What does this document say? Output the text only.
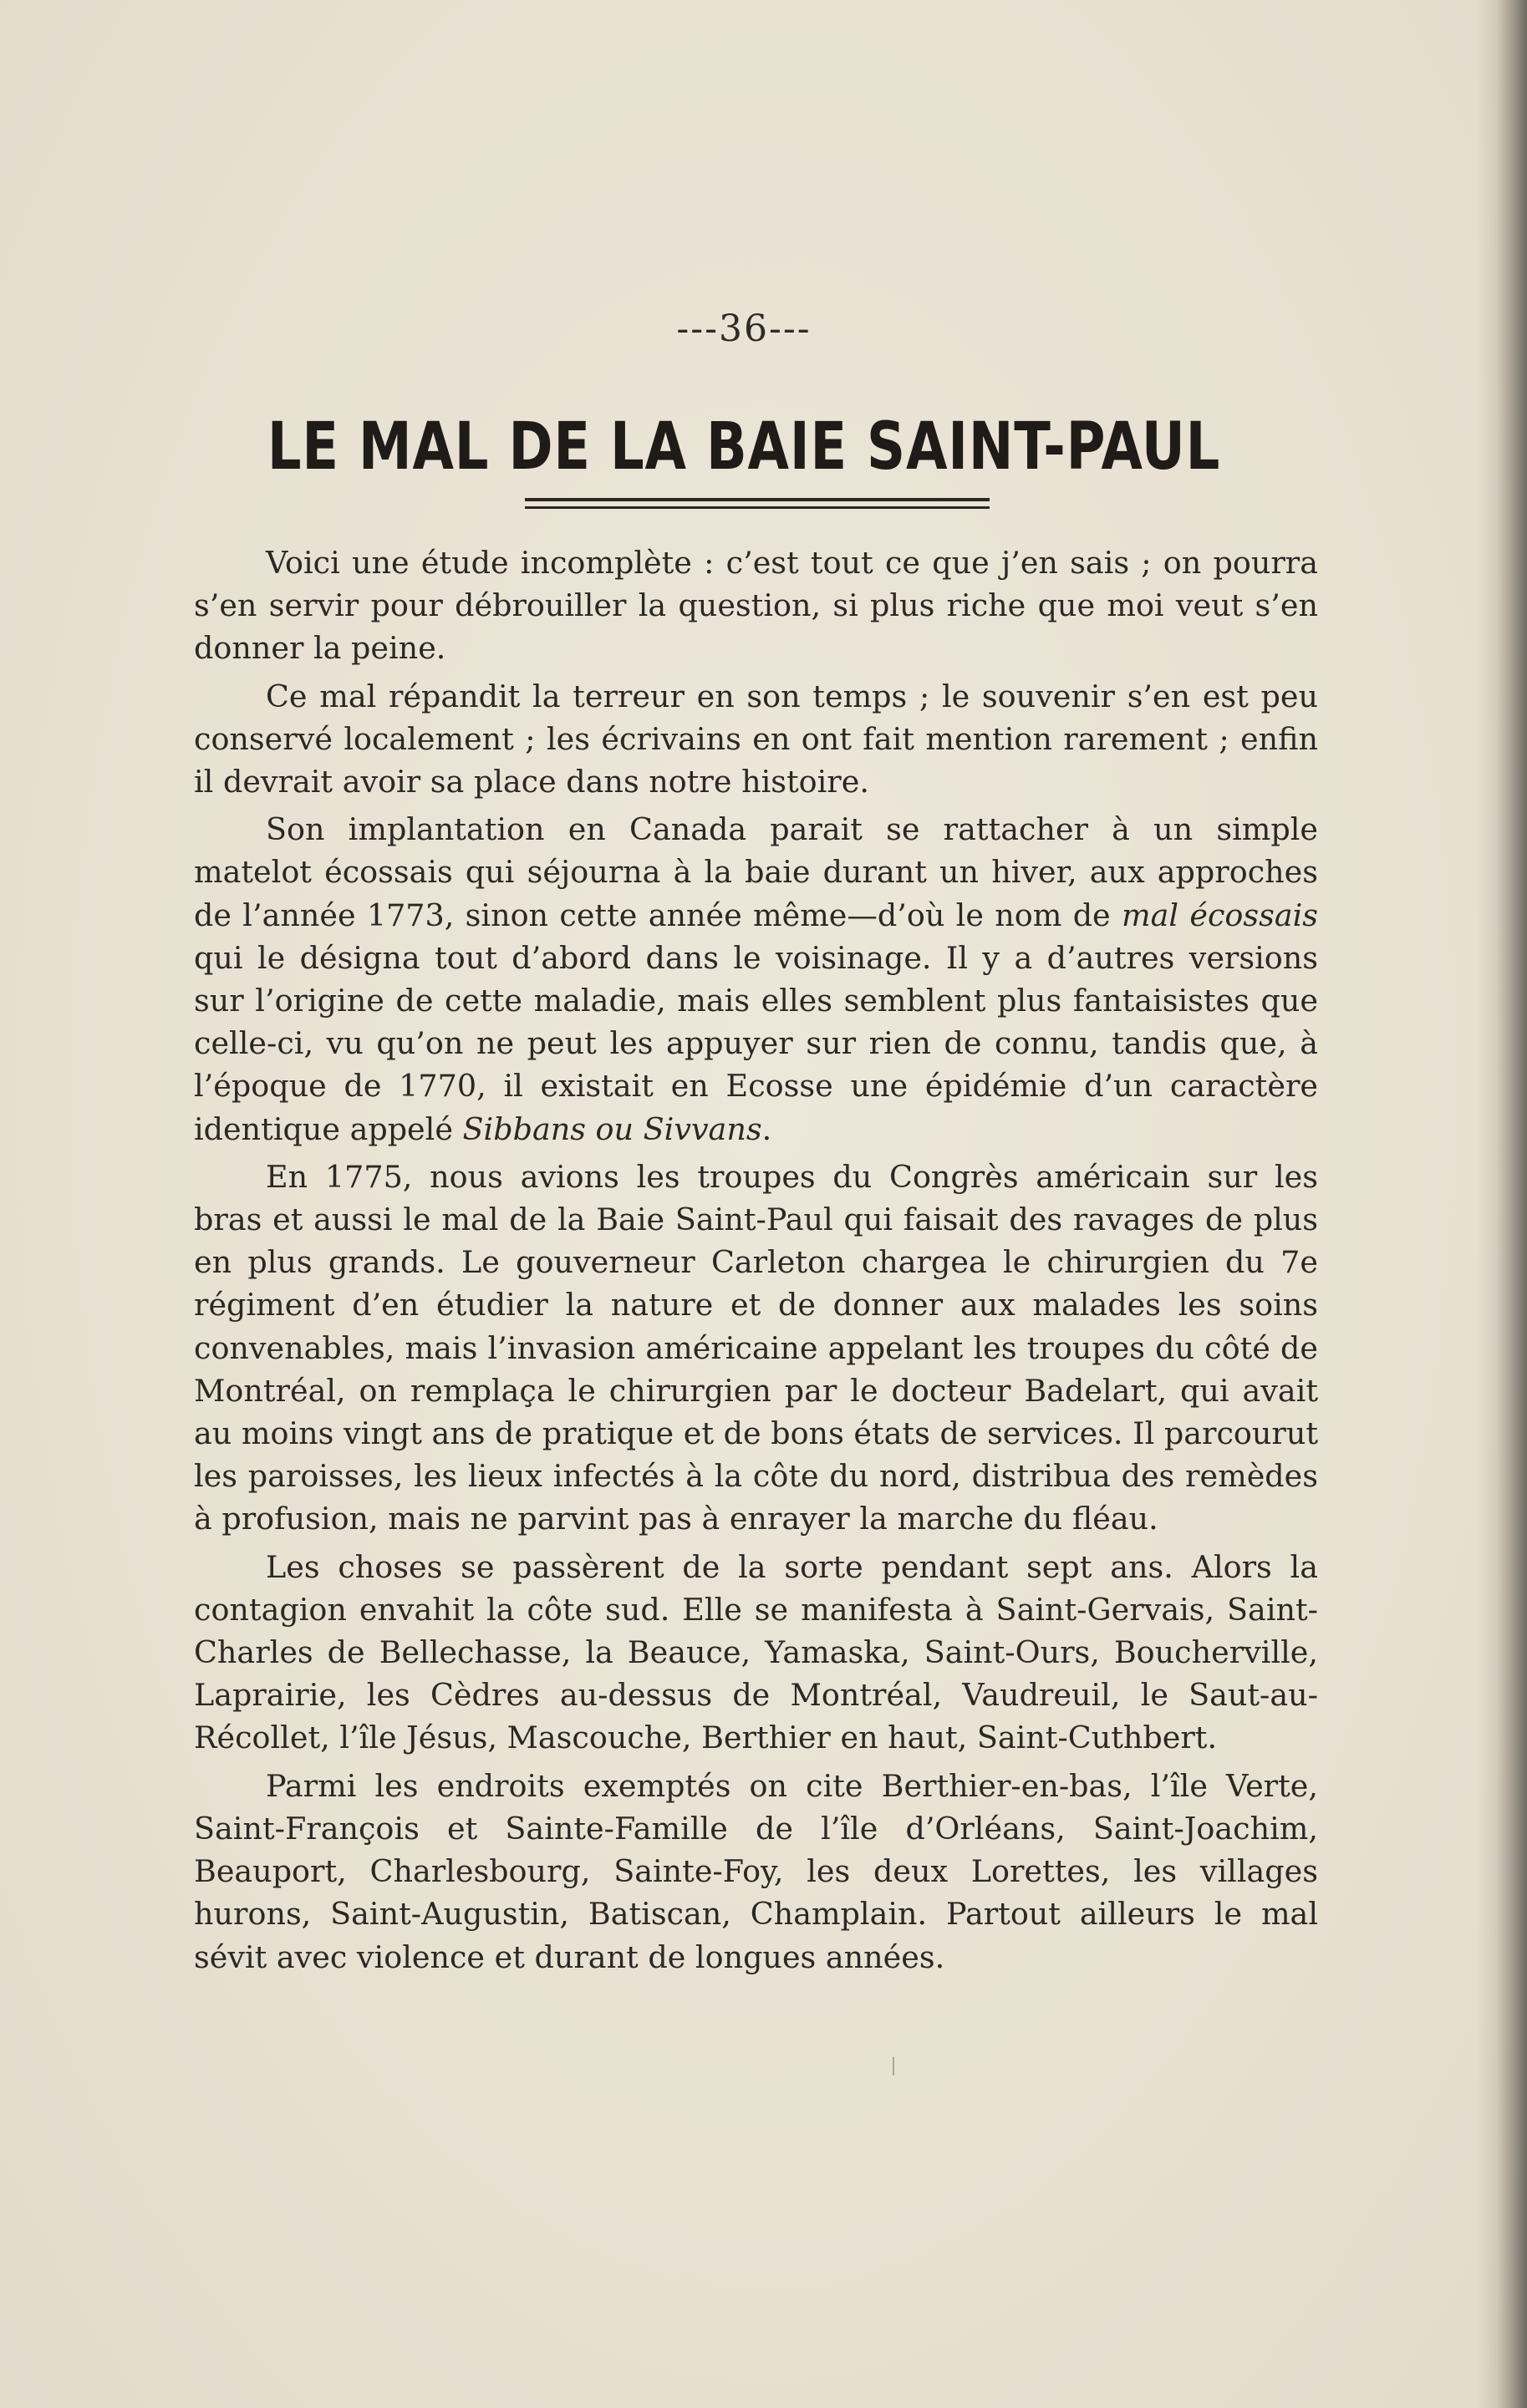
---36---
LE MAL DE LA BAIE SAINT-PAUL

Voici une étude incomplète : c’est tout ce que j’en sais ; on pourra s’en servir pour débrouiller la question, si plus riche que moi veut s’en donner la peine.

Ce mal répandit la terreur en son temps ; le souvenir s’en est peu conservé localement ; les écrivains en ont fait mention rarement ; enfin il devrait avoir sa place dans notre histoire.

Son implantation en Canada parait se rattacher à un simple matelot écossais qui séjourna à la baie durant un hiver, aux approches de l’année 1773, sinon cette année même—d’où le nom de mal écossais qui le désigna tout d’abord dans le voisinage. Il y a d’autres versions sur l’origine de cette maladie, mais elles semblent plus fantaisistes que celle-ci, vu qu’on ne peut les appuyer sur rien de connu, tandis que, à l’époque de 1770, il existait en Ecosse une épidémie d’un caractère identique appelé Sibbans ou Sivvans.

En 1775, nous avions les troupes du Congrès américain sur les bras et aussi le mal de la Baie Saint-Paul qui faisait des ravages de plus en plus grands. Le gouverneur Carleton chargea le chirurgien du 7e régiment d’en étudier la nature et de donner aux malades les soins convenables, mais l’invasion américaine appelant les troupes du côté de Montréal, on remplaça le chirurgien par le docteur Badelart, qui avait au moins vingt ans de pratique et de bons états de services. Il parcourut les paroisses, les lieux infectés à la côte du nord, distribua des remèdes à profusion, mais ne parvint pas à enrayer la marche du fléau.

Les choses se passèrent de la sorte pendant sept ans. Alors la contagion envahit la côte sud. Elle se manifesta à Saint-Gervais, Saint-Charles de Bellechasse, la Beauce, Yamaska, Saint-Ours, Boucherville, Laprairie, les Cèdres au-dessus de Montréal, Vaudreuil, le Saut-au-Récollet, l’île Jésus, Mascouche, Berthier en haut, Saint-Cuthbert.

Parmi les endroits exemptés on cite Berthier-en-bas, l’île Verte, Saint-François et Sainte-Famille de l’île d’Orléans, Saint-Joachim, Beauport, Charlesbourg, Sainte-Foy, les deux Lorettes, les villages hurons, Saint-Augustin, Batiscan, Champlain. Partout ailleurs le mal sévit avec violence et durant de longues années.
